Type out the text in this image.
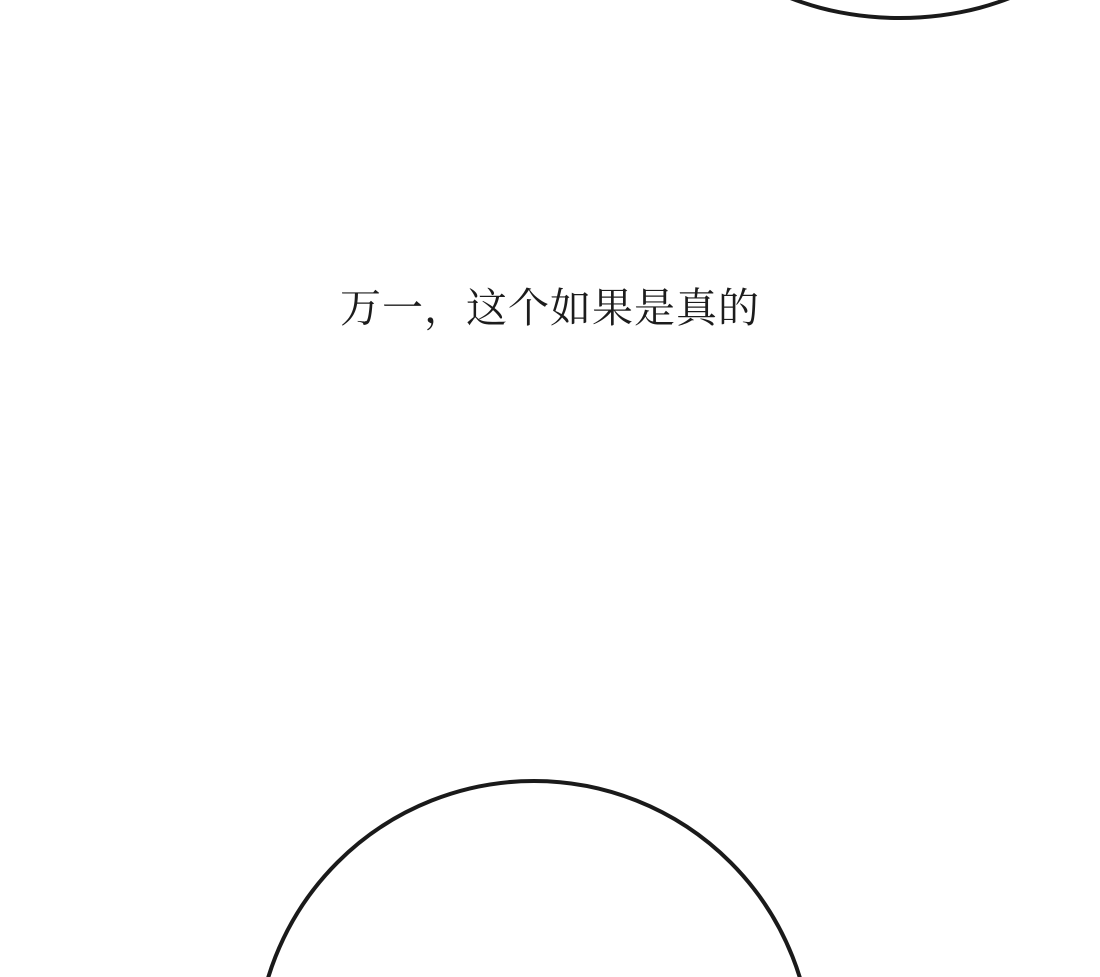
万一，这个如果是真的
